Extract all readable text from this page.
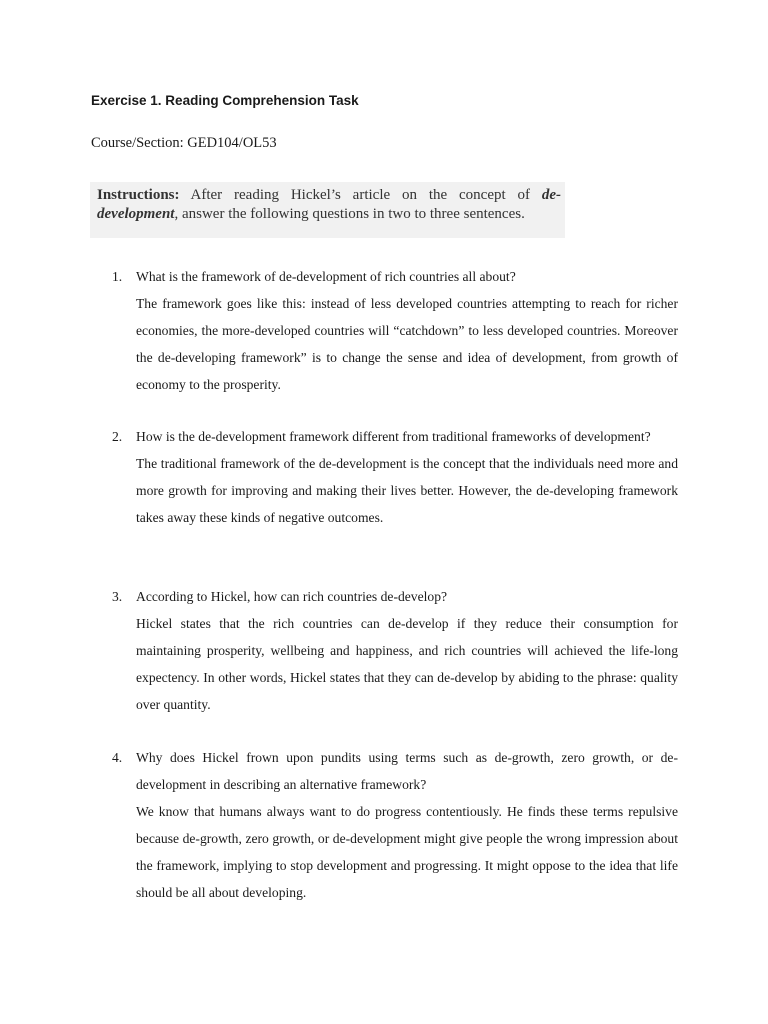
Exercise 1. Reading Comprehension Task
Course/Section: GED104/OL53
Instructions: After reading Hickel’s article on the concept of de-development, answer the following questions in two to three sentences.
1. What is the framework of de-development of rich countries all about?
The framework goes like this: instead of less developed countries attempting to reach for richer economies, the more-developed countries will “catchdown” to less developed countries. Moreover the de-developing framework” is to change the sense and idea of development, from growth of economy to the prosperity.
2. How is the de-development framework different from traditional frameworks of development?
The traditional framework of the de-development is the concept that the individuals need more and more growth for improving and making their lives better. However, the de-developing framework takes away these kinds of negative outcomes.
3. According to Hickel, how can rich countries de-develop?
Hickel states that the rich countries can de-develop if they reduce their consumption for maintaining prosperity, wellbeing and happiness, and rich countries will achieved the life-long expectency. In other words, Hickel states that they can de-develop by abiding to the phrase: quality over quantity.
4. Why does Hickel frown upon pundits using terms such as de-growth, zero growth, or de-development in describing an alternative framework?
We know that humans always want to do progress contentiously. He finds these terms repulsive because de-growth, zero growth, or de-development might give people the wrong impression about the framework, implying to stop development and progressing. It might oppose to the idea that life should be all about developing.
